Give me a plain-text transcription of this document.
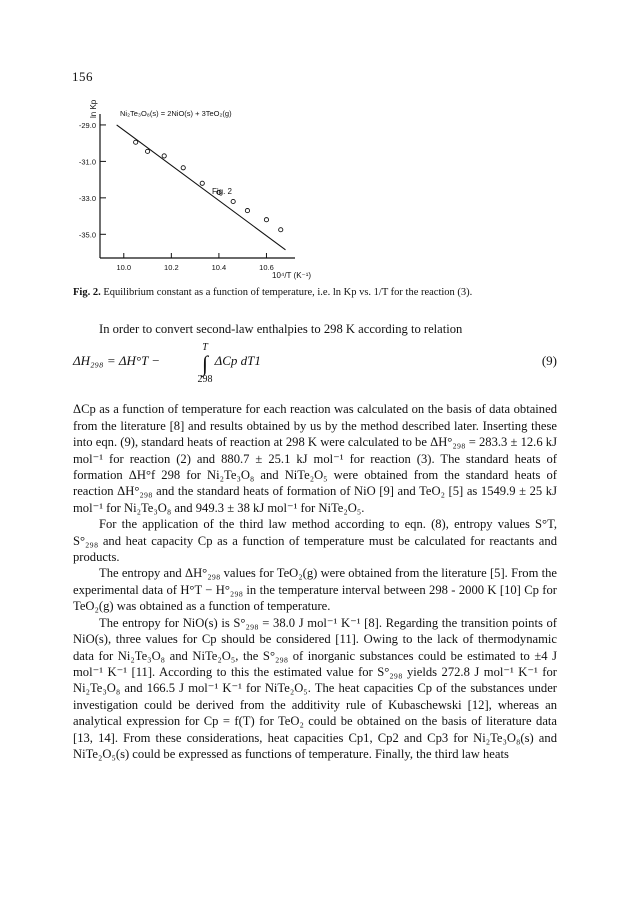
156
-29.0
-31.0
-33.0
-35.0
10.0	10.2	10.4	10.6
ln Kp	Ni₂Te₃O₈(s) = 2NiO(s) + 3TeO₂(g)
Fig. 2
10⁴/T (K⁻¹)
Fig. 2. Equilibrium constant as a function of temperature, i.e. ln Kp vs. 1/T for the reaction (3).

In order to convert second-law enthalpies to 298 K according to relation

ΔH₂₉₈ = ΔH°T −	ΔCp dT1
T
∫
298
(9)

ΔCp as a function of temperature for each reaction was calculated on the basis of data obtained from the literature [8] and results obtained by us by the method described later. Inserting these into eqn. (9), standard heats of reaction at 298 K were calculated to be ΔH°₂₉₈ = 283.3 ± 12.6 kJ mol⁻¹ for reaction (2) and 880.7 ± 25.1 kJ mol⁻¹ for reaction (3). The standard heats of formation ΔH°f 298 for Ni₂Te₃O₈ and NiTe₂O₅ were obtained from the standard heats of reaction ΔH°₂₉₈ and the standard heats of formation of NiO [9] and TeO₂ [5] as 1549.9 ± 25 kJ mol⁻¹ for Ni₂Te₃O₈ and 949.3 ± 38 kJ mol⁻¹ for NiTe₂O₅.

For the application of the third law method according to eqn. (8), entropy values S°T, S°₂₉₈ and heat capacity Cp as a function of temperature must be calculated for reactants and products.

The entropy and ΔH°₂₉₈ values for TeO₂(g) were obtained from the literature [5]. From the experimental data of H°T − H°₂₉₈ in the temperature interval between 298 - 2000 K [10] Cp for TeO₂(g) was obtained as a function of temperature.

The entropy for NiO(s) is S°₂₉₈ = 38.0 J mol⁻¹ K⁻¹ [8]. Regarding the transition points of NiO(s), three values for Cp should be considered [11]. Owing to the lack of thermodynamic data for Ni₂Te₃O₈ and NiTe₂O₅, the S°₂₉₈ of inorganic substances could be estimated to ±4 J mol⁻¹ K⁻¹ [11]. According to this the estimated value for S°₂₉₈ yields 272.8 J mol⁻¹ K⁻¹ for Ni₂Te₃O₈ and 166.5 J mol⁻¹ K⁻¹ for NiTe₂O₅. The heat capacities Cp of the substances under investigation could be derived from the additivity rule of Kubaschewski [12], whereas an analytical expression for Cp = f(T) for TeO₂ could be obtained on the basis of literature data [13, 14]. From these considerations, heat capacities Cp1, Cp2 and Cp3 for Ni₂Te₃O₈(s) and NiTe₂O₅(s) could be expressed as functions of temperature. Finally, the third law heats
